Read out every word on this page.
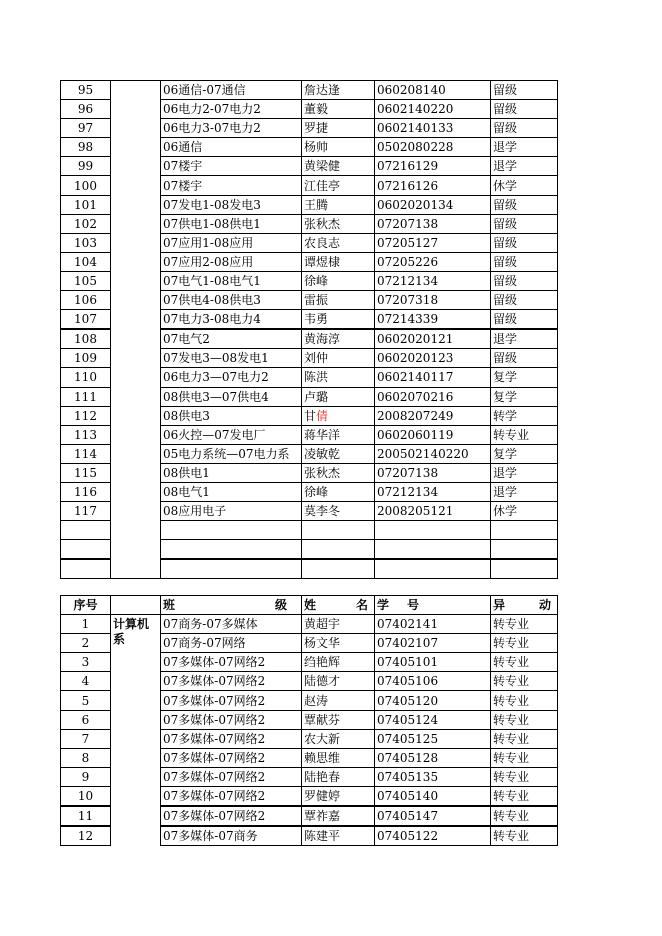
95		06通信-07通信	詹达逢	060208140	留级
96		06电力2-07电力2	董毅	0602140220	留级
97		06电力3-07电力2	罗捷	0602140133	留级
98		06通信	杨帅	0502080228	退学
99		07楼宇	黄梁健	07216129	退学
100		07楼宇	江佳亭	07216126	休学
101		07发电1-08发电3	王腾	0602020134	留级
102		07供电1-08供电1	张秋杰	07207138	留级
103		07应用1-08应用	农良志	07205127	留级
104		07应用2-08应用	谭煜棣	07205226	留级
105		07电气1-08电气1	徐峰	07212134	留级
106		07供电4-08供电3	雷振	07207318	留级
107		07电力3-08电力4	韦勇	07214339	留级
108		07电气2	黄海淳	0602020121	退学
109		07发电3—08发电1	刘仲	0602020123	留级
110		06电力3—07电力2	陈洪	0602140117	复学
111		08供电3—07供电4	卢璐	0602070216	复学
112		08供电3	甘倩	2008207249	转学
113		06火控—07发电厂	蒋华洋	0602060119	转专业
114		05电力系统—07电力系	凌敏乾	200502140220	复学
115		08供电1	张秋杰	07207138	退学
116		08电气1	徐峰	07212134	退学
117		08应用电子	莫李冬	2008205121	休学

序号		班 级	姓 名	学 号	异 动

1	计算机系	07商务-07多媒体	黄超宇	07402141	转专业
2		07商务-07网络	杨文华	07402107	转专业
3		07多媒体-07网络2	绉艳辉	07405101	转专业
4		07多媒体-07网络2	陆德才	07405106	转专业
5		07多媒体-07网络2	赵涛	07405120	转专业
6		07多媒体-07网络2	覃献芬	07405124	转专业
7		07多媒体-07网络2	农大新	07405125	转专业
8		07多媒体-07网络2	赖思维	07405128	转专业
9		07多媒体-07网络2	陆艳春	07405135	转专业
10		07多媒体-07网络2	罗健婷	07405140	转专业
11		07多媒体-07网络2	覃祚嘉	07405147	转专业
12		07多媒体-07商务	陈建平	07405122	转专业
